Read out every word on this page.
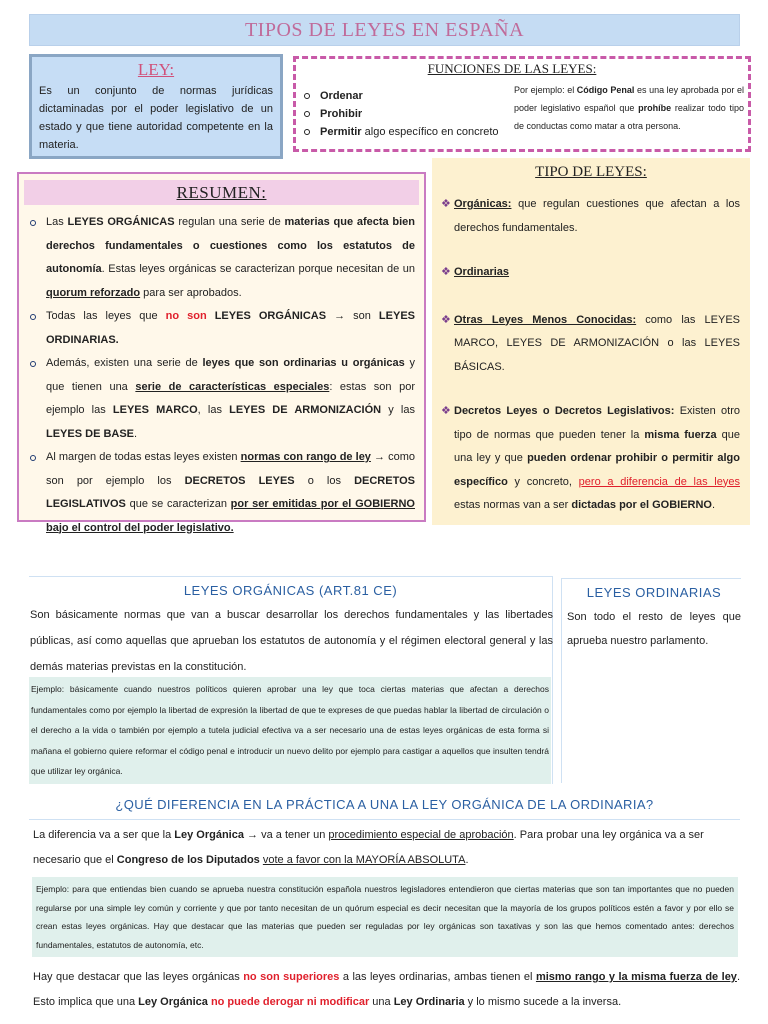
TIPOS DE LEYES EN ESPAÑA
LEY:

Es un conjunto de normas jurídicas dictaminadas por el poder legislativo de un estado y que tiene autoridad competente en la materia.

FUNCIONES DE LAS LEYES:
Ordenar
Prohibir
Permitir algo específico en concreto
Por ejemplo: el Código Penal es una ley aprobada por el poder legislativo español que prohíbe realizar todo tipo de conductas como matar a otra persona.
RESUMEN:
Las LEYES ORGÁNICAS regulan una serie de materias que afecta bien derechos fundamentales o cuestiones como los estatutos de autonomía. Estas leyes orgánicas se caracterizan porque necesitan de un quorum reforzado para ser aprobados.
Todas las leyes que no son LEYES ORGÁNICAS → son LEYES ORDINARIAS.
Además, existen una serie de leyes que son ordinarias u orgánicas y que tienen una serie de características especiales: estas son por ejemplo las LEYES MARCO, las LEYES DE ARMONIZACIÓN y las LEYES DE BASE.
Al margen de todas estas leyes existen normas con rango de ley → como son por ejemplo los DECRETOS LEYES o los DECRETOS LEGISLATIVOS que se caracterizan por ser emitidas por el GOBIERNO bajo el control del poder legislativo.
TIPO DE LEYES:
❖ Orgánicas: que regulan cuestiones que afectan a los derechos fundamentales.
❖ Ordinarias
❖ Otras Leyes Menos Conocidas: como las LEYES MARCO, LEYES DE ARMONIZACIÓN o las LEYES BÁSICAS.
❖ Decretos Leyes o Decretos Legislativos: Existen otro tipo de normas que pueden tener la misma fuerza que una ley y que pueden ordenar prohibir o permitir algo específico y concreto, pero a diferencia de las leyes estas normas van a ser dictadas por el GOBIERNO.
LEYES ORGÁNICAS (ART.81 CE)

Son básicamente normas que van a buscar desarrollar los derechos fundamentales y las libertades públicas, así como aquellas que aprueban los estatutos de autonomía y el régimen electoral general y las demás materias previstas en la constitución.

Ejemplo: básicamente cuando nuestros políticos quieren aprobar una ley que toca ciertas materias que afectan a derechos fundamentales como por ejemplo la libertad de expresión la libertad de que te expreses de que puedas hablar la libertad de circulación o el derecho a la vida o también por ejemplo a tutela judicial efectiva va a ser necesario una de estas leyes orgánicas de esta forma si mañana el gobierno quiere reformar el código penal e introducir un nuevo delito por ejemplo para castigar a aquellos que insulten tendrá que utilizar ley orgánica.
LEYES ORDINARIAS

Son todo el resto de leyes que aprueba nuestro parlamento.

¿QUÉ DIFERENCIA EN LA PRÁCTICA A UNA LA LEY ORGÁNICA DE LA ORDINARIA?

La diferencia va a ser que la Ley Orgánica → va a tener un procedimiento especial de aprobación. Para probar una ley orgánica va a ser necesario que el Congreso de los Diputados vote a favor con la MAYORÍA ABSOLUTA.

Ejemplo: para que entiendas bien cuando se aprueba nuestra constitución española nuestros legisladores entendieron que ciertas materias que son tan importantes que no pueden regularse por una simple ley común y corriente y que por tanto necesitan de un quórum especial es decir necesitan que la mayoría de los grupos políticos estén a favor y por ello se crean estas leyes orgánicas. Hay que destacar que las materias que pueden ser reguladas por ley orgánicas son taxativas y son las que hemos comentado antes: derechos fundamentales, estatutos de autonomía, etc.

Hay que destacar que las leyes orgánicas no son superiores a las leyes ordinarias, ambas tienen el mismo rango y la misma fuerza de ley. Esto implica que una Ley Orgánica no puede derogar ni modificar una Ley Ordinaria y lo mismo sucede a la inversa.
